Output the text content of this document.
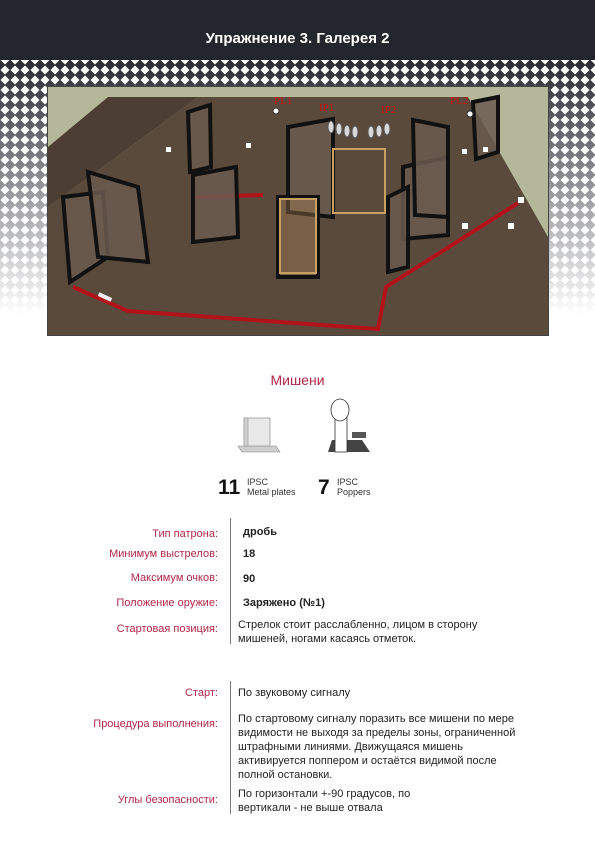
Упражнение 3. Галерея 2
PL1
IP1	IP2
PL2
Мишени
11 IPSC
Metal plates 7 IPSC
Poppers
Тип патрона: дробь
Минимум выстрелов: 18
Максимум очков: 90
Положение оружие: Заряжено (№1)
Стартовая позиция: Стрелок стоит расслабленно, лицом в сторону мишеней, ногами касаясь отметок.
Старт: По звуковому сигналу
Процедура выполнения: По стартовому сигналу поразить все мишени по мере видимости не выходя за пределы зоны, ограниченной штрафными линиями. Движущаяся мишень активируется поппером и остаётся видимой после полной остановки.
Углы безопасности: По горизонтали +-90 градусов, по вертикали - не выше отвала
